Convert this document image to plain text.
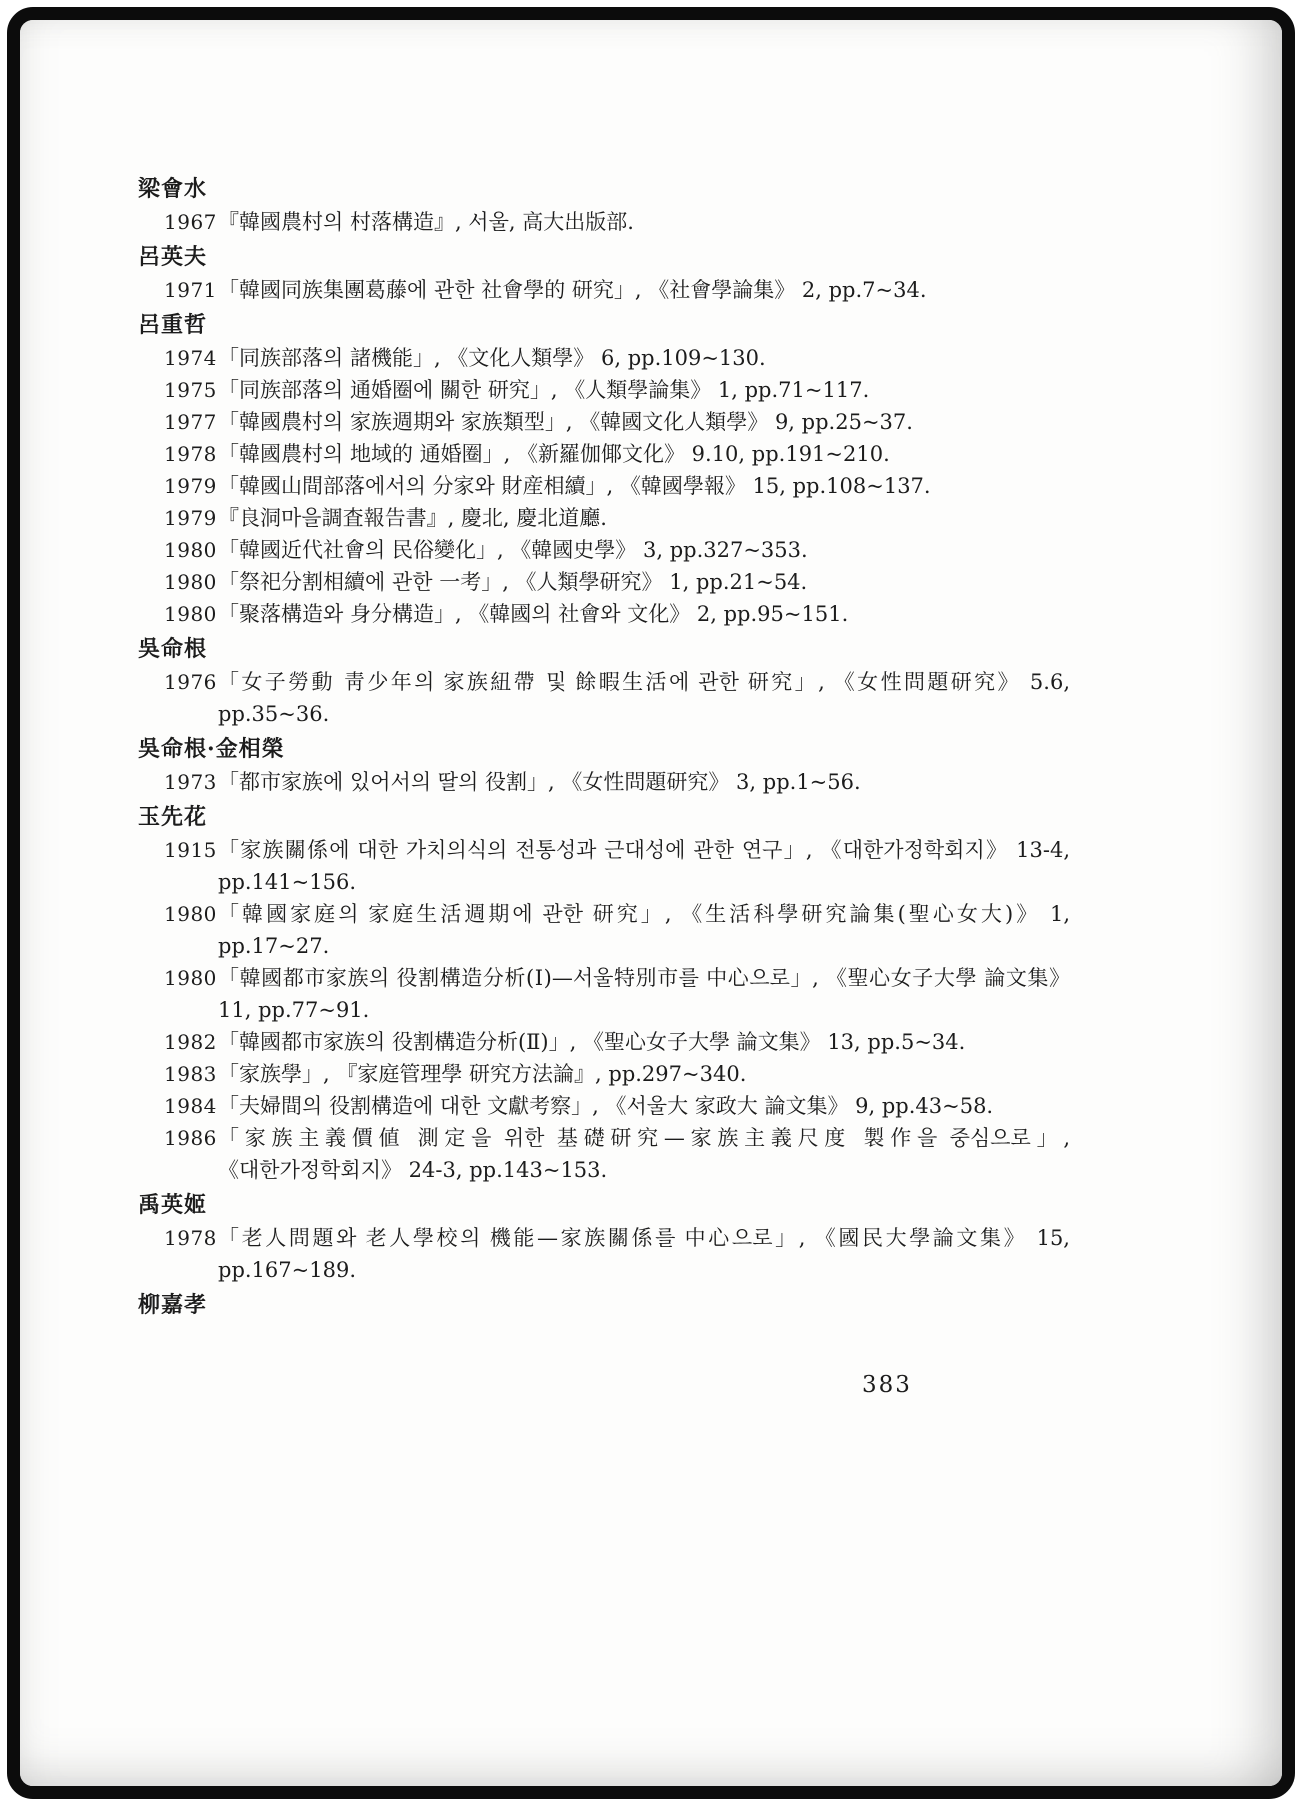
梁會水
1967 『韓國農村의 村落構造』, 서울, 高大出版部.
呂英夫
1971 「韓國同族集團葛藤에 관한 社會學的 研究」, 《社會學論集》 2, pp.7~34.
呂重哲
1974 「同族部落의 諸機能」, 《文化人類學》 6, pp.109~130.
1975 「同族部落의 通婚圈에 關한 研究」, 《人類學論集》 1, pp.71~117.
1977 「韓國農村의 家族週期와 家族類型」, 《韓國文化人類學》 9, pp.25~37.
1978 「韓國農村의 地域的 通婚圈」, 《新羅伽倻文化》 9.10, pp.191~210.
1979 「韓國山間部落에서의 分家와 財産相續」, 《韓國學報》 15, pp.108~137.
1979 『良洞마을調査報告書』, 慶北, 慶北道廳.
1980 「韓國近代社會의 民俗變化」, 《韓國史學》 3, pp.327~353.
1980 「祭祀分割相續에 관한 一考」, 《人類學研究》 1, pp.21~54.
1980 「聚落構造와 身分構造」, 《韓國의 社會와 文化》 2, pp.95~151.
吳命根
1976 「女子勞動 靑少年의 家族紐帶 및 餘暇生活에 관한 研究」, 《女性問題研究》 5.6, pp.35~36.
吳命根·金相榮
1973 「都市家族에 있어서의 딸의 役割」, 《女性問題研究》 3, pp.1~56.
玉先花
1915 「家族關係에 대한 가치의식의 전통성과 근대성에 관한 연구」, 《대한가정학회지》 13-4, pp.141~156.
1980 「韓國家庭의 家庭生活週期에 관한 研究」, 《生活科學研究論集(聖心女大)》 1, pp.17~27.
1980 「韓國都市家族의 役割構造分析(Ⅰ)—서울特別市를 中心으로」, 《聖心女子大學 論文集》 11, pp.77~91.
1982 「韓國都市家族의 役割構造分析(Ⅱ)」, 《聖心女子大學 論文集》 13, pp.5~34.
1983 「家族學」, 『家庭管理學 研究方法論』, pp.297~340.
1984 「夫婦間의 役割構造에 대한 文獻考察」, 《서울大 家政大 論文集》 9, pp.43~58.
1986 「家族主義價値 測定을 위한 基礎研究—家族主義尺度 製作을 중심으로」, 《대한가정학회지》 24-3, pp.143~153.
禹英姬
1978 「老人問題와 老人學校의 機能—家族關係를 中心으로」, 《國民大學論文集》 15, pp.167~189.
柳嘉孝
383
